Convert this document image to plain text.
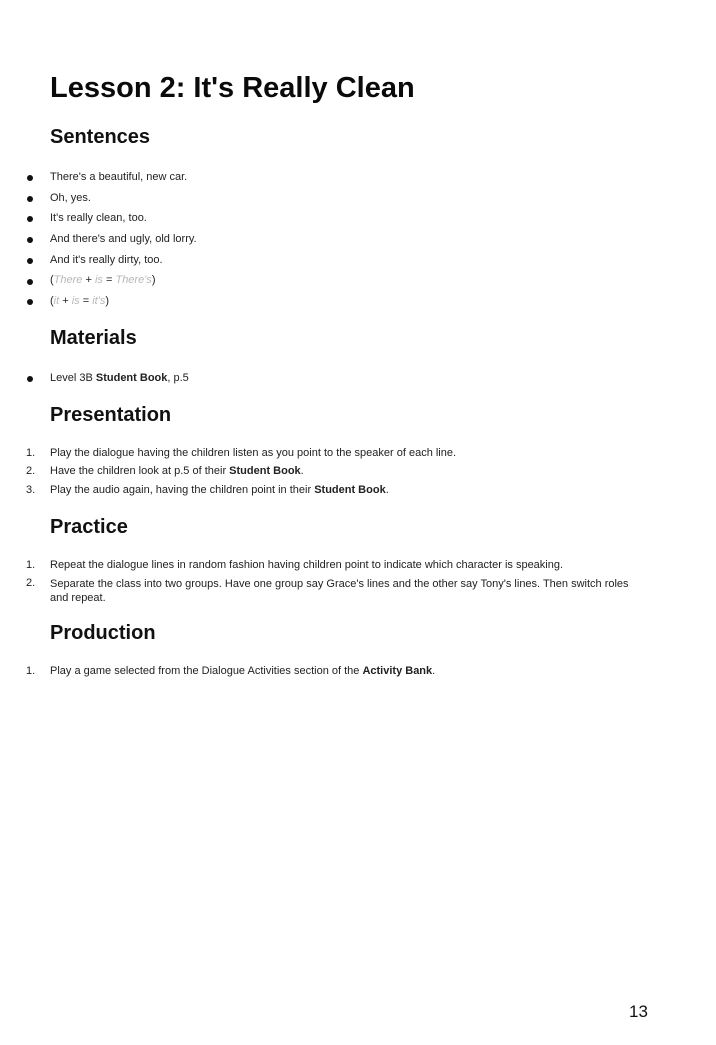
Lesson 2: It's Really Clean
Sentences

There's a beautiful, new car.

Oh, yes.

It's really clean, too.

And there's and ugly, old lorry.

And it's really dirty, too.

(There + is = There's)

(it + is = it's)

Materials

Level 3B Student Book, p.5

Presentation
1. Play the dialogue having the children listen as you point to the speaker of each line.

2. Have the children look at p.5 of their Student Book.

3. Play the audio again, having the children point in their Student Book.

Practice
1. Repeat the dialogue lines in random fashion having children point to indicate which character is speaking.

2. Separate the class into two groups. Have one group say Grace's lines and the other say Tony's lines. Then switch roles and repeat.

Production
1. Play a game selected from the Dialogue Activities section of the Activity Bank.

13
